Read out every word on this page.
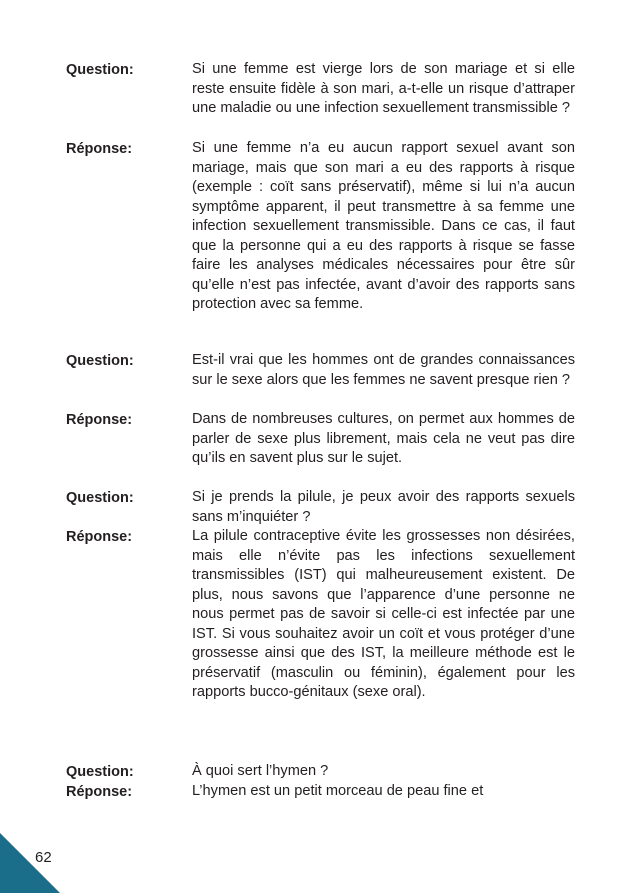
Question:	Si une femme est vierge lors de son mariage et si elle reste ensuite fidèle à son mari, a-t-elle un risque d’attraper une maladie ou une infection sexuellement transmissible ?
Réponse:	Si une femme n’a eu aucun rapport sexuel avant son mariage, mais que son mari a eu des rapports à risque (exemple : coït sans préservatif), même si lui n’a aucun symptôme apparent, il peut transmettre à sa femme une infection sexuellement transmissible. Dans ce cas, il faut que la personne qui a eu des rapports à risque se fasse faire les analyses médicales nécessaires pour être sûr qu’elle n’est pas infectée, avant d’avoir des rapports sans protection avec sa femme.
Question:	Est-il vrai que les hommes ont de grandes connaissances sur le sexe alors que les femmes ne savent presque rien ?
Réponse:	Dans de nombreuses cultures, on permet aux hommes de parler de sexe plus librement, mais cela ne veut pas dire qu’ils en savent plus sur le sujet.
Question:	Si je prends la pilule, je peux avoir des rapports sexuels sans m’inquiéter ?
Réponse:	La pilule contraceptive évite les grossesses non désirées, mais elle n’évite pas les infections sexuellement transmissibles (IST) qui malheureusement existent. De plus, nous savons que l’apparence d’une personne ne nous permet pas de savoir si celle-ci est infectée par une IST. Si vous souhaitez avoir un coït et vous protéger d’une grossesse ainsi que des IST, la meilleure méthode est le préservatif (masculin ou féminin), également pour les rapports bucco-génitaux (sexe oral).
Question:	À quoi sert l’hymen ?
Réponse:	L’hymen est un petit morceau de peau fine et
62
